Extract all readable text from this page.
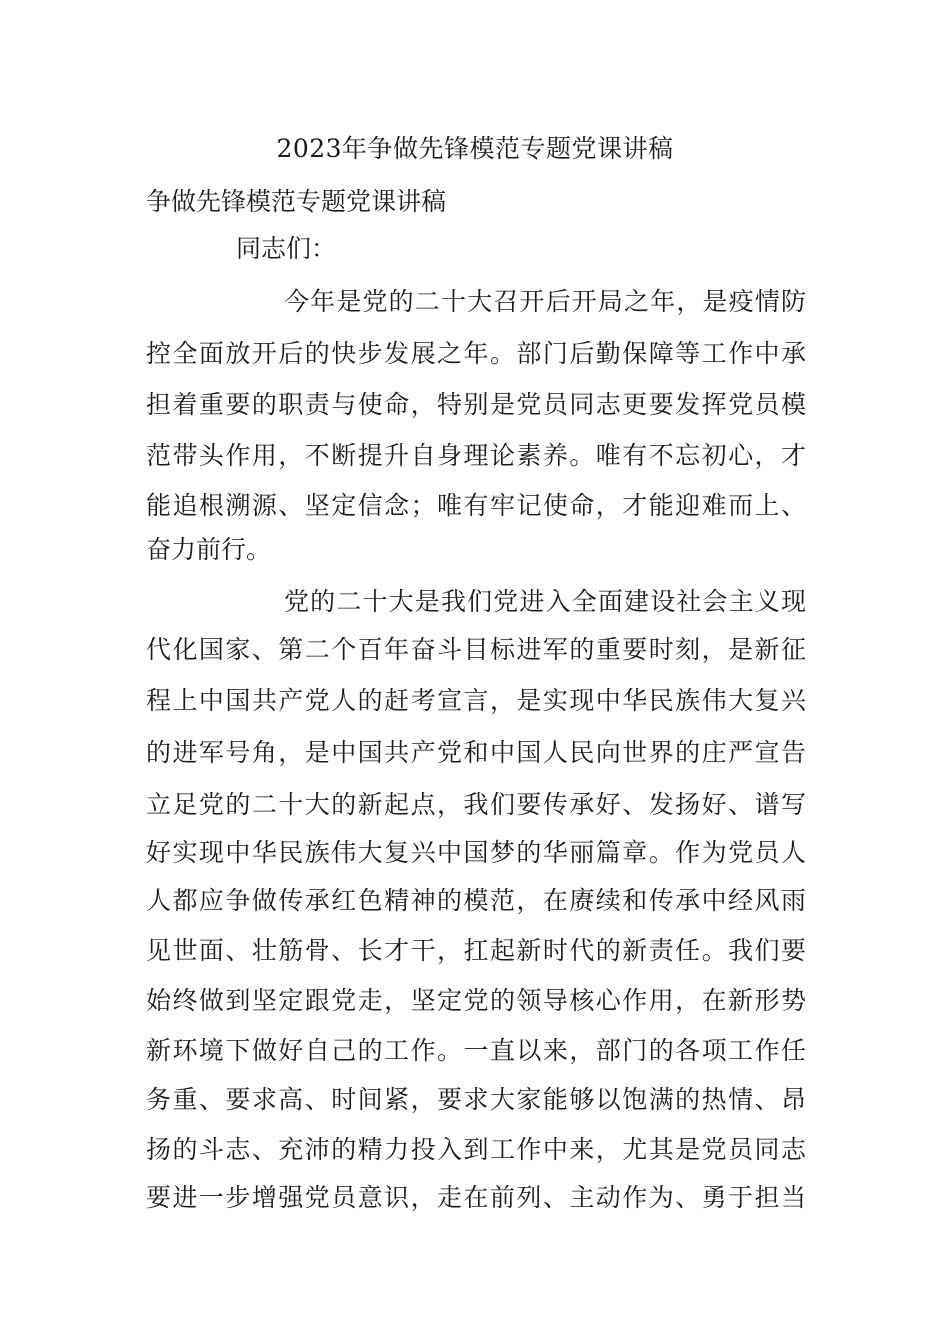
2023年争做先锋模范专题党课讲稿
争做先锋模范专题党课讲稿
同志们：
今年是党的二十大召开后开局之年，是疫情防
控全面放开后的快步发展之年。部门后勤保障等工作中承
担着重要的职责与使命，特别是党员同志更要发挥党员模
范带头作用，不断提升自身理论素养。唯有不忘初心，才
能追根溯源、坚定信念；唯有牢记使命，才能迎难而上、
奋力前行。
党的二十大是我们党进入全面建设社会主义现
代化国家、第二个百年奋斗目标进军的重要时刻，是新征
程上中国共产党人的赶考宣言，是实现中华民族伟大复兴
的进军号角，是中国共产党和中国人民向世界的庄严宣告
立足党的二十大的新起点，我们要传承好、发扬好、谱写
好实现中华民族伟大复兴中国梦的华丽篇章。作为党员人
人都应争做传承红色精神的模范，在赓续和传承中经风雨
见世面、壮筋骨、长才干，扛起新时代的新责任。我们要
始终做到坚定跟党走，坚定党的领导核心作用，在新形势
新环境下做好自己的工作。一直以来，部门的各项工作任
务重、要求高、时间紧，要求大家能够以饱满的热情、昂
扬的斗志、充沛的精力投入到工作中来，尤其是党员同志
要进一步增强党员意识，走在前列、主动作为、勇于担当
